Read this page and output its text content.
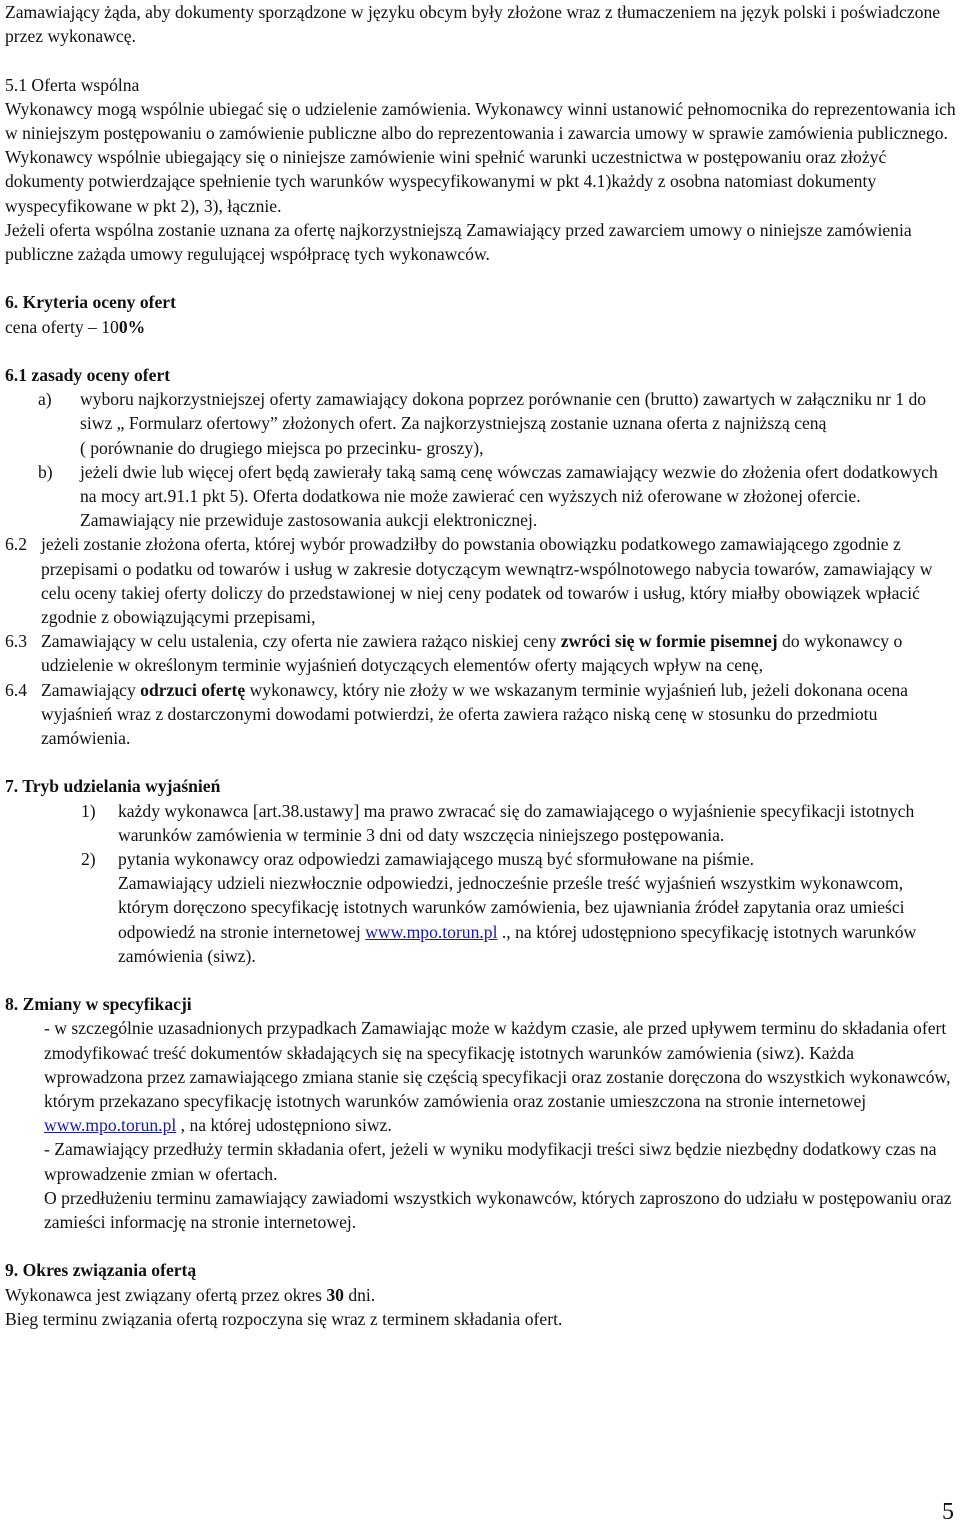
Zamawiający żąda, aby dokumenty sporządzone w języku obcym były złożone wraz z tłumaczeniem na język polski i poświadczone przez wykonawcę.

5.1 Oferta wspólna

Wykonawcy mogą wspólnie ubiegać się o udzielenie zamówienia. Wykonawcy winni ustanowić pełnomocnika do reprezentowania ich w niniejszym postępowaniu o zamówienie publiczne albo do reprezentowania i zawarcia umowy w sprawie zamówienia publicznego.

Wykonawcy wspólnie ubiegający się o niniejsze zamówienie wini spełnić warunki uczestnictwa w postępowaniu oraz złożyć dokumenty potwierdzające spełnienie tych warunków wyspecyfikowanymi w pkt 4.1)każdy z osobna natomiast dokumenty wyspecyfikowane w pkt 2), 3), łącznie.

Jeżeli oferta wspólna zostanie uznana za ofertę najkorzystniejszą Zamawiający przed zawarciem umowy o niniejsze zamówienia publiczne zażąda umowy regulującej współpracę tych wykonawców.

6. Kryteria oceny ofert

cena oferty – 100%

6.1 zasady oceny ofert

a)	wyboru najkorzystniejszej oferty zamawiający dokona poprzez porównanie cen (brutto) zawartych w załączniku nr 1 do siwz „ Formularz ofertowy” złożonych ofert. Za najkorzystniejszą zostanie uznana oferta z najniższą ceną

( porównanie do drugiego miejsca po przecinku- groszy),

b)	jeżeli dwie lub więcej ofert będą zawierały taką samą cenę wówczas zamawiający wezwie do złożenia ofert dodatkowych na mocy art.91.1 pkt 5). Oferta dodatkowa nie może zawierać cen wyższych niż oferowane w złożonej ofercie. Zamawiający nie przewiduje zastosowania aukcji elektronicznej.

6.2 jeżeli zostanie złożona oferta, której wybór prowadziłby do powstania obowiązku podatkowego zamawiającego zgodnie z przepisami o podatku od towarów i usług w zakresie dotyczącym wewnątrz-wspólnotowego nabycia towarów, zamawiający w celu oceny takiej oferty doliczy do przedstawionej w niej ceny podatek od towarów i usług, który miałby obowiązek wpłacić zgodnie z obowiązującymi przepisami,

6.3 Zamawiający w celu ustalenia, czy oferta nie zawiera rażąco niskiej ceny zwróci się w formie pisemnej do wykonawcy o udzielenie w określonym terminie wyjaśnień dotyczących elementów oferty mających wpływ na cenę,

6.4 Zamawiający odrzuci ofertę wykonawcy, który nie złoży w we wskazanym terminie wyjaśnień lub, jeżeli dokonana ocena wyjaśnień wraz z dostarczonymi dowodami potwierdzi, że oferta zawiera rażąco niską cenę w stosunku do przedmiotu zamówienia.

7. Tryb udzielania wyjaśnień

1)	każdy wykonawca [art.38.ustawy] ma prawo zwracać się do zamawiającego o wyjaśnienie specyfikacji istotnych warunków zamówienia w terminie 3 dni od daty wszczęcia niniejszego postępowania.

2)	pytania wykonawcy oraz odpowiedzi zamawiającego muszą być sformułowane na piśmie.

Zamawiający udzieli niezwłocznie odpowiedzi, jednocześnie prześle treść wyjaśnień wszystkim wykonawcom, którym doręczono specyfikację istotnych warunków zamówienia, bez ujawniania źródeł zapytania oraz umieści odpowiedź na stronie internetowej www.mpo.torun.pl ., na której udostępniono specyfikację istotnych warunków zamówienia (siwz).

8. Zmiany w specyfikacji

- w szczególnie uzasadnionych przypadkach Zamawiając może w każdym czasie, ale przed upływem terminu do składania ofert zmodyfikować treść dokumentów składających się na specyfikację istotnych warunków zamówienia (siwz). Każda wprowadzona przez zamawiającego zmiana stanie się częścią specyfikacji oraz zostanie doręczona do wszystkich wykonawców, którym przekazano specyfikację istotnych warunków zamówienia oraz zostanie umieszczona na stronie internetowej www.mpo.torun.pl , na której udostępniono siwz.

- Zamawiający przedłuży termin składania ofert, jeżeli w wyniku modyfikacji treści siwz będzie niezbędny dodatkowy czas na wprowadzenie zmian w ofertach.

O przedłużeniu terminu zamawiający zawiadomi wszystkich wykonawców, których zaproszono do udziału w postępowaniu oraz zamieści informację na stronie internetowej.

9. Okres związania ofertą

Wykonawca jest związany ofertą przez okres 30 dni.

Bieg terminu związania ofertą rozpoczyna się wraz z terminem składania ofert.

5
